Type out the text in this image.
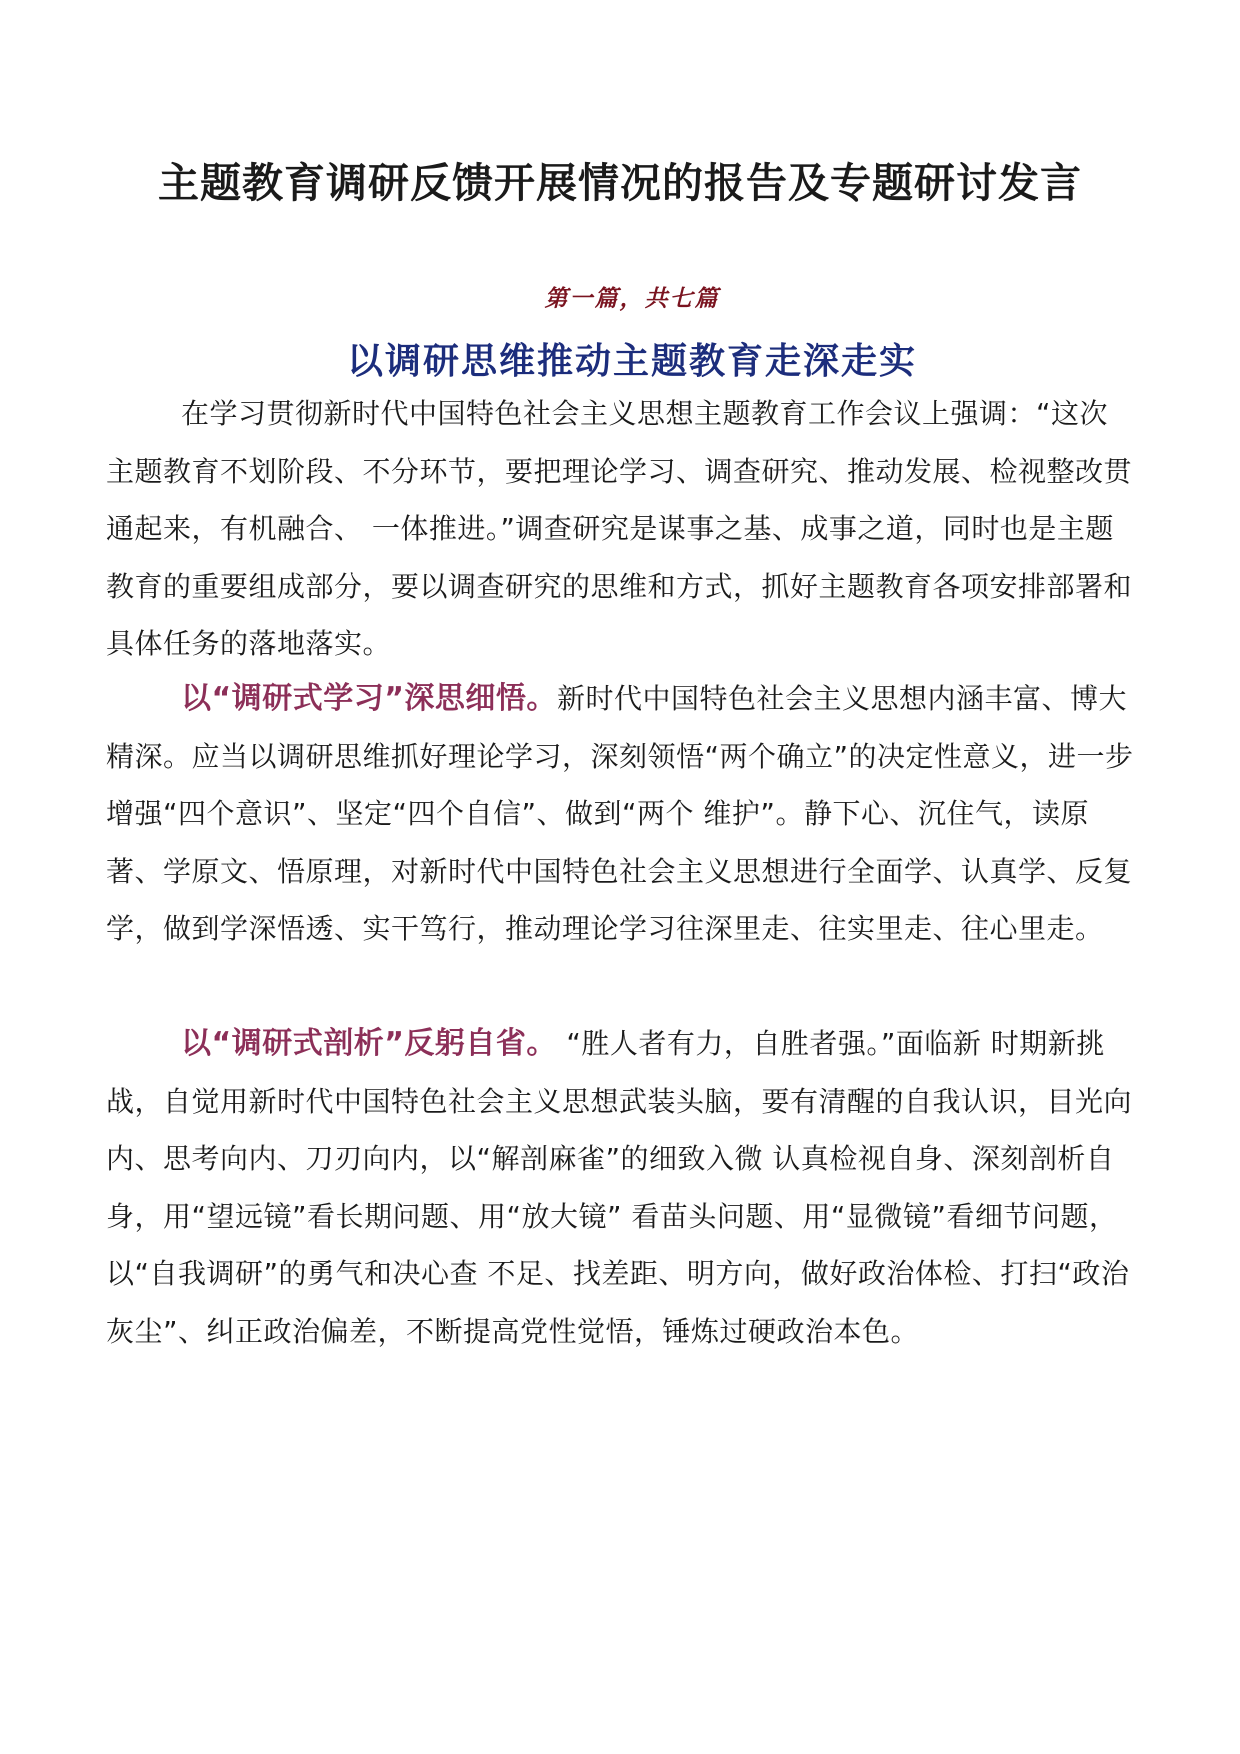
主题教育调研反馈开展情况的报告及专题研讨发言
第一篇，共七篇
以调研思维推动主题教育走深走实

在学习贯彻新时代中国特色社会主义思想主题教育工作会议上强调：“这次主题教育不划阶段、不分环节，要把理论学习、调查研究、推动发展、检视整改贯通起来，有机融合、 一体推进。”调查研究是谋事之基、成事之道，同时也是主题教育的重要组成部分，要以调查研究的思维和方式，抓好主题教育各项安排部署和具体任务的落地落实。

以“调研式学习”深思细悟。新时代中国特色社会主义思想内涵丰富、博大精深。应当以调研思维抓好理论学习，深刻领悟“两个确立”的决定性意义，进一步增强“四个意识”、坚定“四个自信”、做到“两个 维护”。静下心、沉住气，读原著、学原文、悟原理，对新时代中国特色社会主义思想进行全面学、认真学、反复学，做到学深悟透、实干笃行，推动理论学习往深里走、往实里走、往心里走。

以“调研式剖析”反躬自省。 “胜人者有力，自胜者强。”面临新 时期新挑战，自觉用新时代中国特色社会主义思想武装头脑，要有清醒的自我认识，目光向内、思考向内、刀刃向内，以“解剖麻雀”的细致入微 认真检视自身、深刻剖析自身，用“望远镜”看长期问题、用“放大镜” 看苗头问题、用“显微镜”看细节问题，以“自我调研”的勇气和决心查 不足、找差距、明方向，做好政治体检、打扫“政治灰尘”、纠正政治偏差，不断提高党性觉悟，锤炼过硬政治本色。
